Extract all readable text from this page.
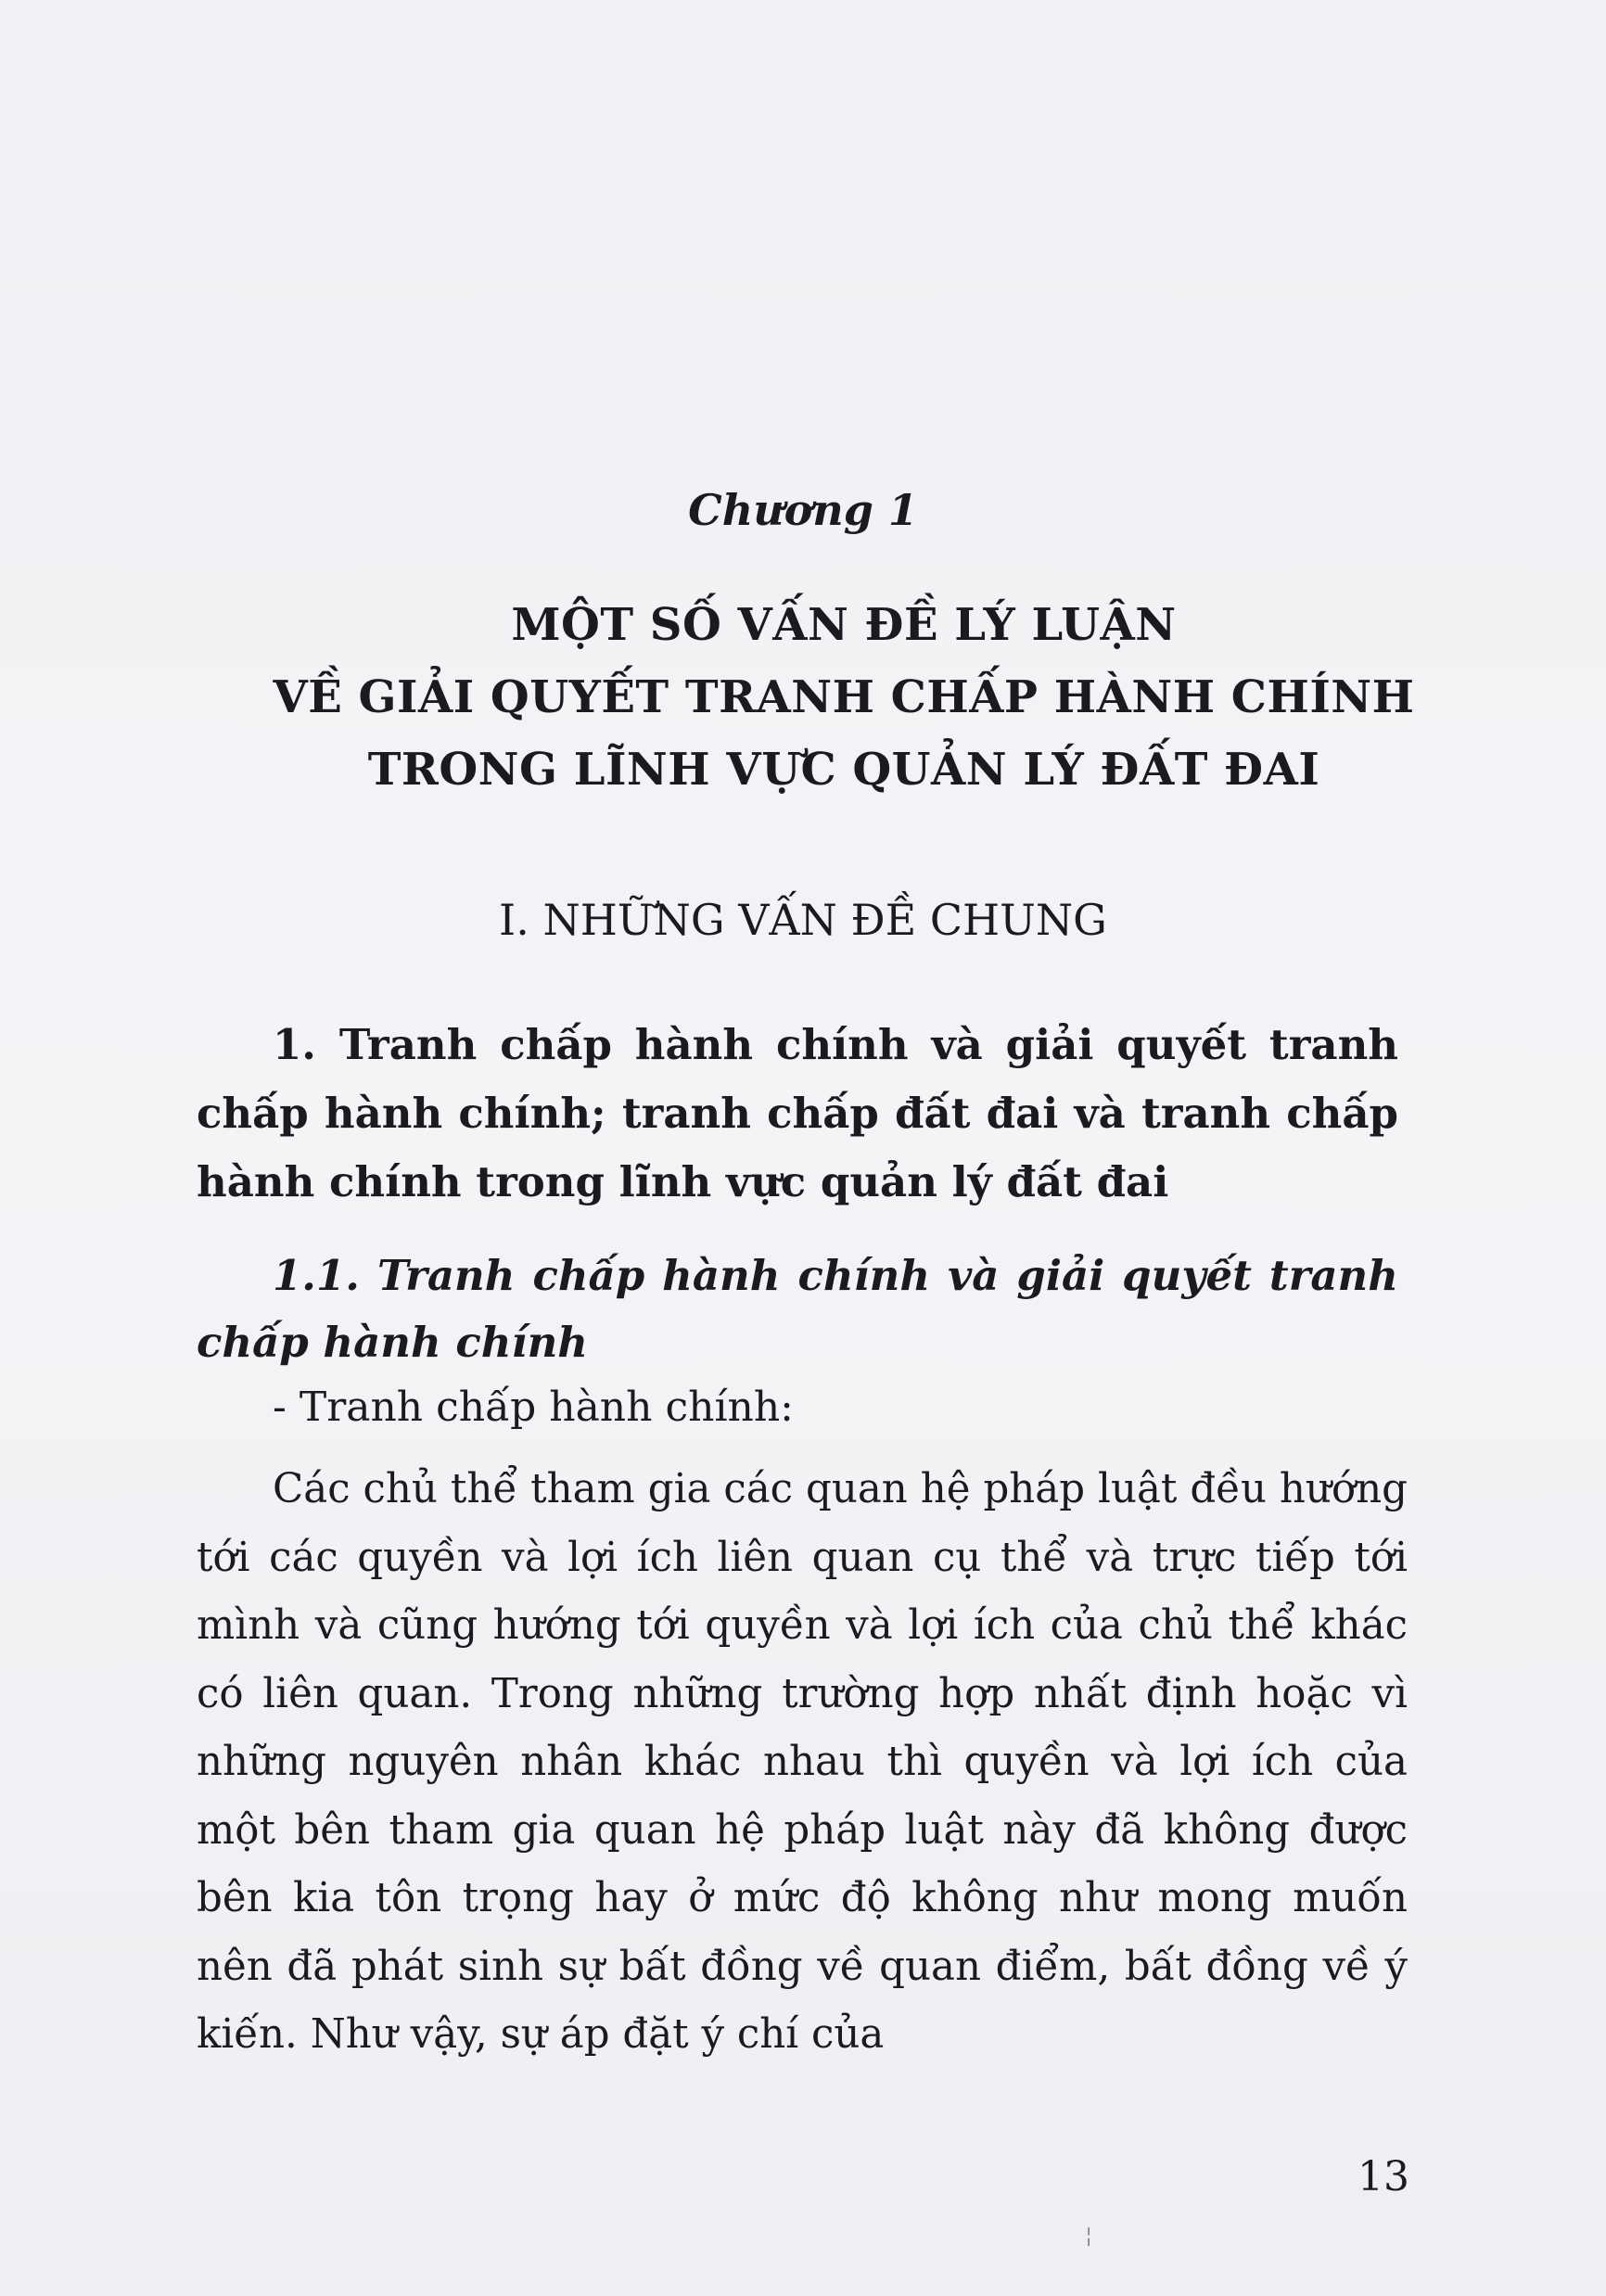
Chương 1
MỘT SỐ VẤN ĐỀ LÝ LUẬN
VỀ GIẢI QUYẾT TRANH CHẤP HÀNH CHÍNH
TRONG LĨNH VỰC QUẢN LÝ ĐẤT ĐAI
I. NHỮNG VẤN ĐỀ CHUNG
1. Tranh chấp hành chính và giải quyết tranh chấp hành chính; tranh chấp đất đai và tranh chấp hành chính trong lĩnh vực quản lý đất đai
1.1. Tranh chấp hành chính và giải quyết tranh chấp hành chính

- Tranh chấp hành chính:

Các chủ thể tham gia các quan hệ pháp luật đều hướng tới các quyền và lợi ích liên quan cụ thể và trực tiếp tới mình và cũng hướng tới quyền và lợi ích của chủ thể khác có liên quan. Trong những trường hợp nhất định hoặc vì những nguyên nhân khác nhau thì quyền và lợi ích của một bên tham gia quan hệ pháp luật này đã không được bên kia tôn trọng hay ở mức độ không như mong muốn nên đã phát sinh sự bất đồng về quan điểm, bất đồng về ý kiến. Như vậy, sự áp đặt ý chí của

13
╎
